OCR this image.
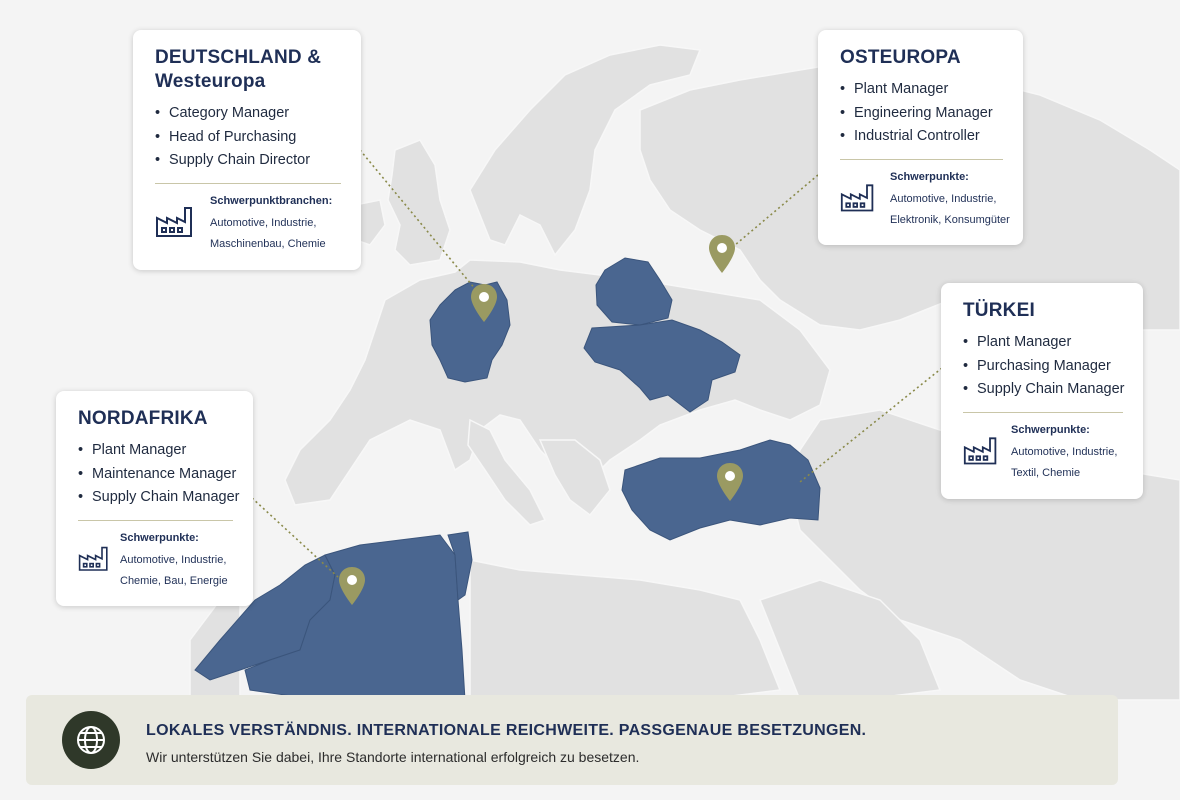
DEUTSCHLAND &
Westeuropa
• Category Manager
• Head of Purchasing
• Supply Chain Director
Schwerpunktbranchen:
Automotive, Industrie,
Maschinenbau, Chemie
OSTEUROPA
• Plant Manager
• Engineering Manager
• Industrial Controller
Schwerpunkte:
Automotive, Industrie,
Elektronik, Konsumgüter
TÜRKEI
• Plant Manager
• Purchasing Manager
• Supply Chain Manager
Schwerpunkte:
Automotive, Industrie,
Textil, Chemie
NORDAFRIKA
• Plant Manager
• Maintenance Manager
• Supply Chain Manager
Schwerpunkte:
Automotive, Industrie,
Chemie, Bau, Energie
LOKALES VERSTÄNDNIS. INTERNATIONALE REICHWEITE. PASSGENAUE BESETZUNGEN.
Wir unterstützen Sie dabei, Ihre Standorte international erfolgreich zu besetzen.
